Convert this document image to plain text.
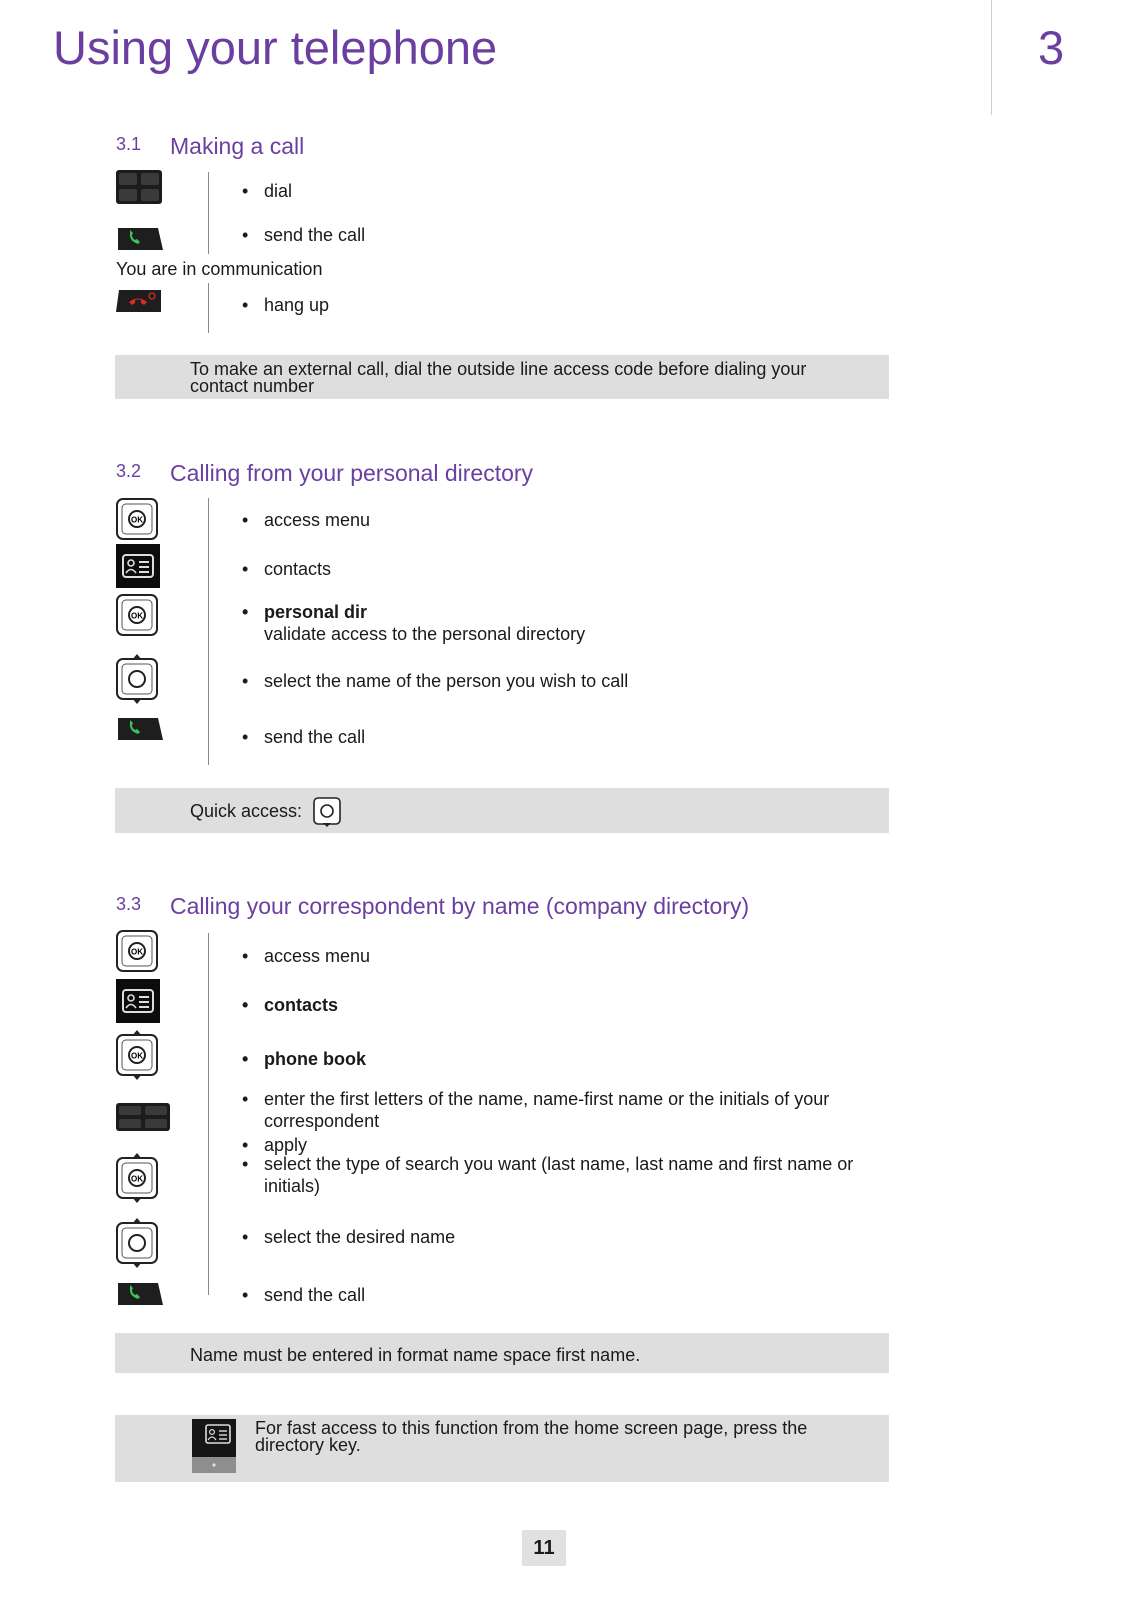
Using your telephone	3
3.1 Making a call
• dial
• send the call
You are in communication
• hang up
To make an external call, dial the outside line access code before dialing your contact number
3.2 Calling from your personal directory
OK
OK
• access menu
• contacts
• personal dir
validate access to the personal directory
• select the name of the person you wish to call
• send the call
Quick access:
3.3 Calling your correspondent by name (company directory)
OK
OK
OK
• access menu
• contacts
• phone book
• enter the first letters of the name, name-first name or the initials of your correspondent
• apply
• select the type of search you want (last name, last name and first name or initials)
• select the desired name
• send the call
Name must be entered in format name space first name.
For fast access to this function from the home screen page, press the directory key.
11
